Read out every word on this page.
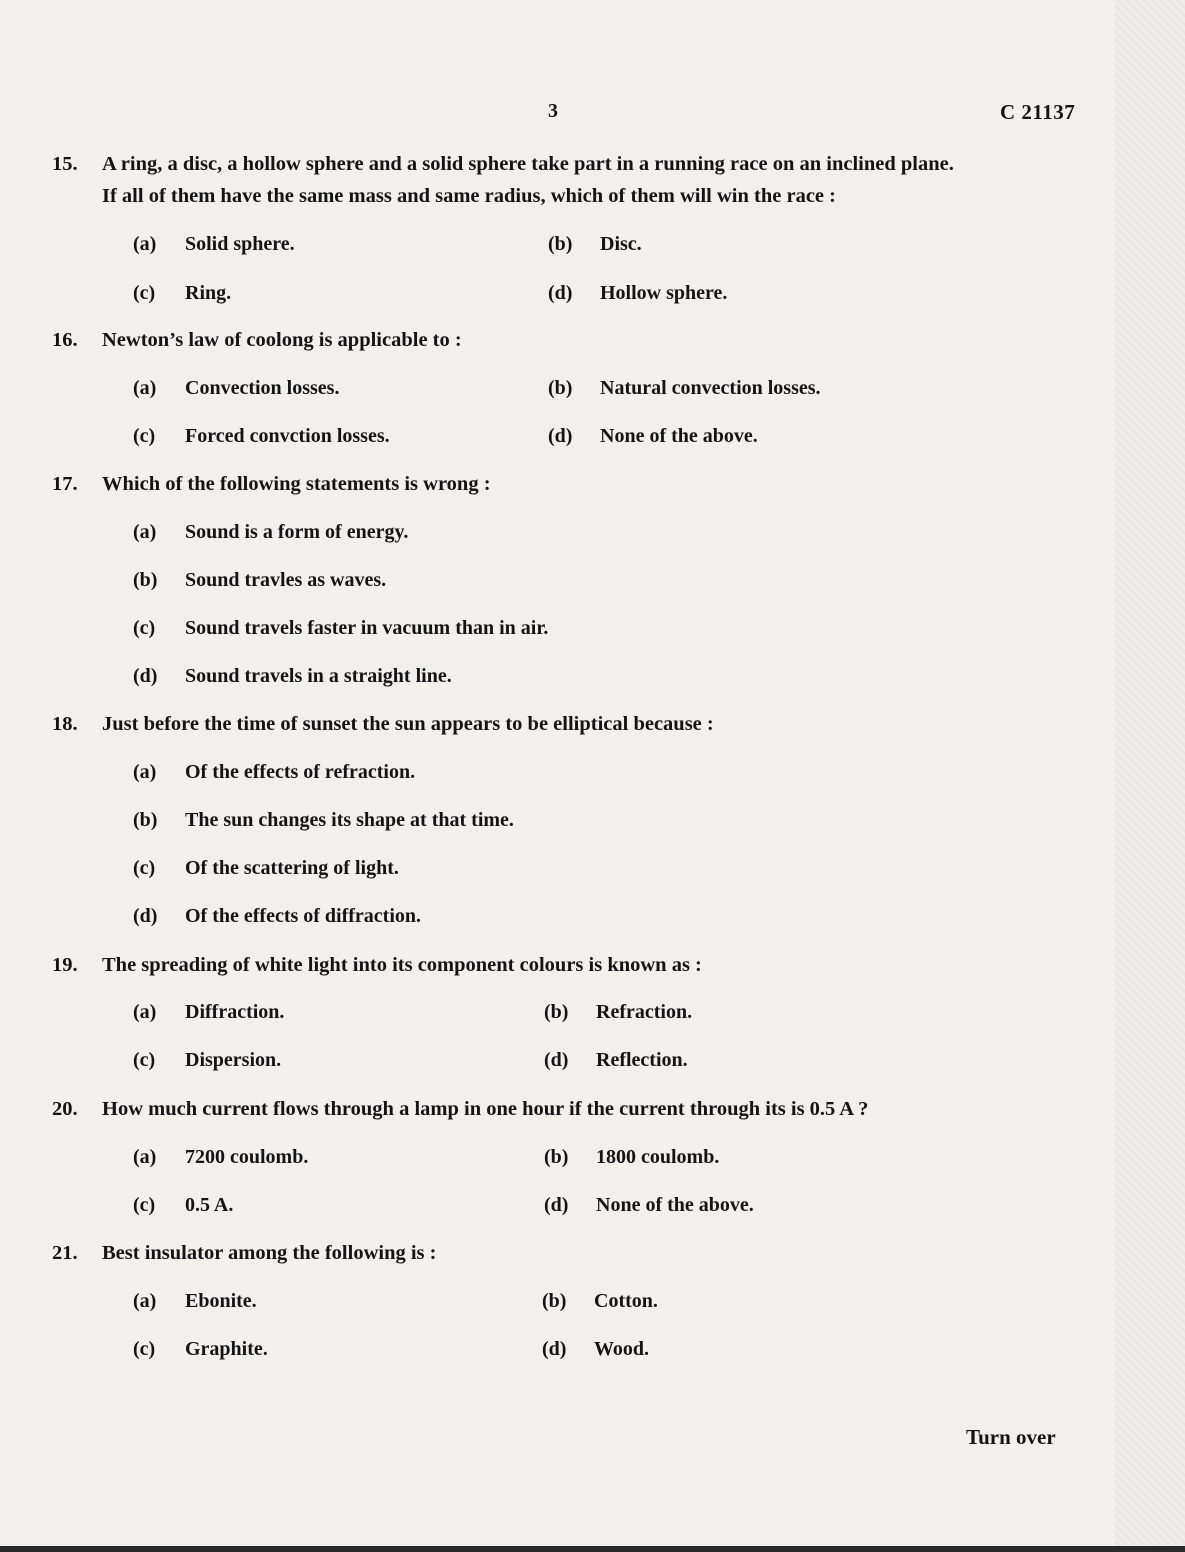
3	C 21137
15. A ring, a disc, a hollow sphere and a solid sphere take part in a running race on an inclined plane.
If all of them have the same mass and same radius, which of them will win the race :
(a) Solid sphere.	(b) Disc.
(c) Ring.	(d) Hollow sphere.
16. Newton’s law of coolong is applicable to :
(a) Convection losses.	(b) Natural convection losses.
(c) Forced convction losses.	(d) None of the above.
17. Which of the following statements is wrong :
(a) Sound is a form of energy.
(b) Sound travles as waves.
(c) Sound travels faster in vacuum than in air.
(d) Sound travels in a straight line.
18. Just before the time of sunset the sun appears to be elliptical because :
(a) Of the effects of refraction.
(b) The sun changes its shape at that time.
(c) Of the scattering of light.
(d) Of the effects of diffraction.
19. The spreading of white light into its component colours is known as :
(a) Diffraction.	(b) Refraction.
(c) Dispersion.	(d) Reflection.
20. How much current flows through a lamp in one hour if the current through its is 0.5 A ?
(a) 7200 coulomb.	(b) 1800 coulomb.
(c) 0.5 A.	(d) None of the above.
21. Best insulator among the following is :
(a) Ebonite.	(b) Cotton.
(c) Graphite.	(d) Wood.
Turn over
